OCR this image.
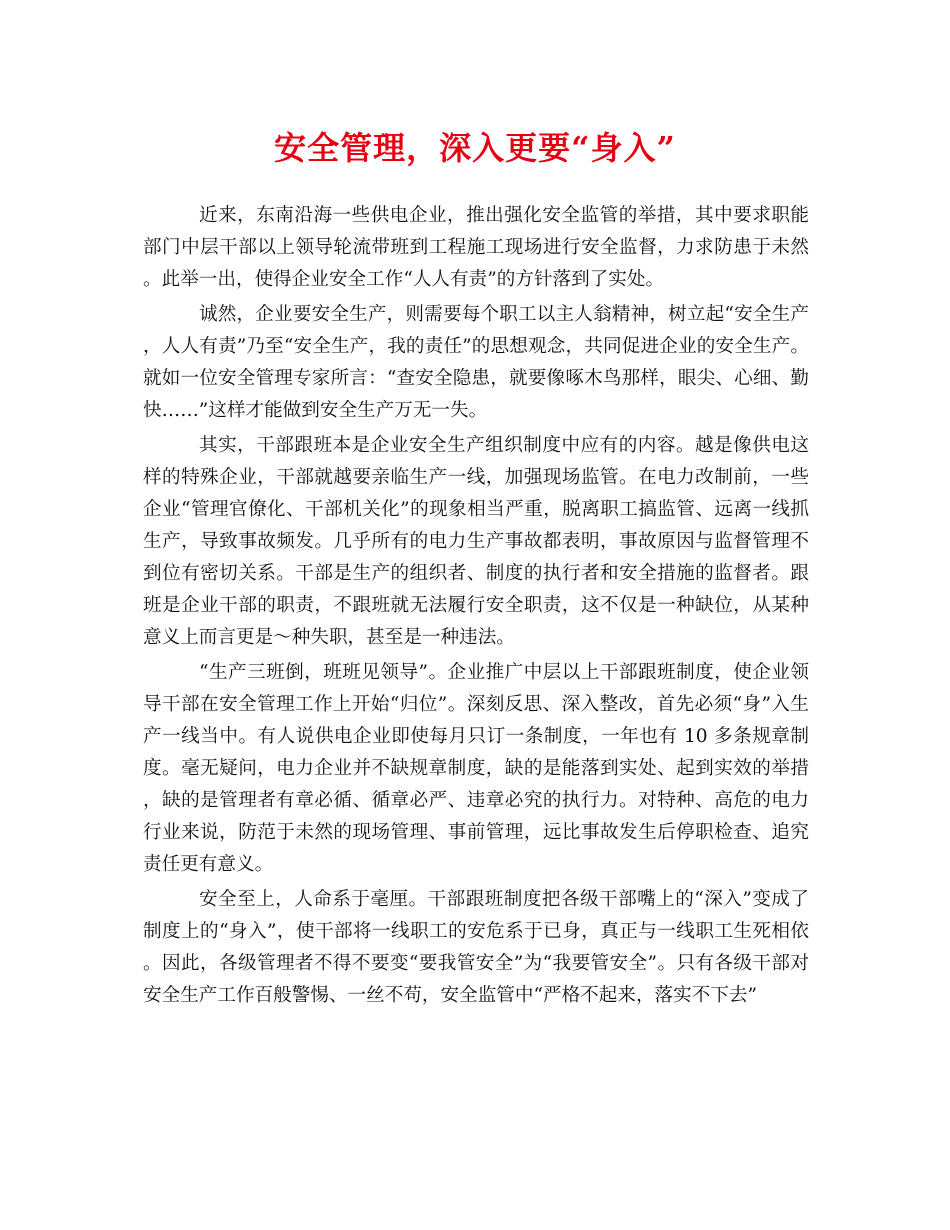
安全管理，深入更要“身入”

近来，东南沿海一些供电企业，推出强化安全监管的举措，其中要求职能部门中层干部以上领导轮流带班到工程施工现场进行安全监督，力求防患于未然。此举一出，使得企业安全工作“人人有责”的方针落到了实处。

诚然，企业要安全生产，则需要每个职工以主人翁精神，树立起“安全生产，人人有责”乃至“安全生产，我的责任”的思想观念，共同促进企业的安全生产。就如一位安全管理专家所言：“查安全隐患，就要像啄木鸟那样，眼尖、心细、勤快……”这样才能做到安全生产万无一失。

其实，干部跟班本是企业安全生产组织制度中应有的内容。越是像供电这样的特殊企业，干部就越要亲临生产一线，加强现场监管。在电力改制前，一些企业“管理官僚化、干部机关化”的现象相当严重，脱离职工搞监管、远离一线抓生产，导致事故频发。几乎所有的电力生产事故都表明，事故原因与监督管理不到位有密切关系。干部是生产的组织者、制度的执行者和安全措施的监督者。跟班是企业干部的职责，不跟班就无法履行安全职责，这不仅是一种缺位，从某种意义上而言更是～种失职，甚至是一种违法。

“生产三班倒，班班见领导”。企业推广中层以上干部跟班制度，使企业领导干部在安全管理工作上开始“归位”。深刻反思、深入整改，首先必须“身”入生产一线当中。有人说供电企业即使每月只订一条制度，一年也有 10 多条规章制度。毫无疑问，电力企业并不缺规章制度，缺的是能落到实处、起到实效的举措，缺的是管理者有章必循、循章必严、违章必究的执行力。对特种、高危的电力行业来说，防范于未然的现场管理、事前管理，远比事故发生后停职检查、追究责任更有意义。

安全至上，人命系于毫厘。干部跟班制度把各级干部嘴上的“深入”变成了制度上的“身入”，使干部将一线职工的安危系于已身，真正与一线职工生死相依。因此，各级管理者不得不要变“要我管安全”为“我要管安全”。只有各级干部对安全生产工作百般警惕、一丝不苟，安全监管中“严格不起来，落实不下去”
